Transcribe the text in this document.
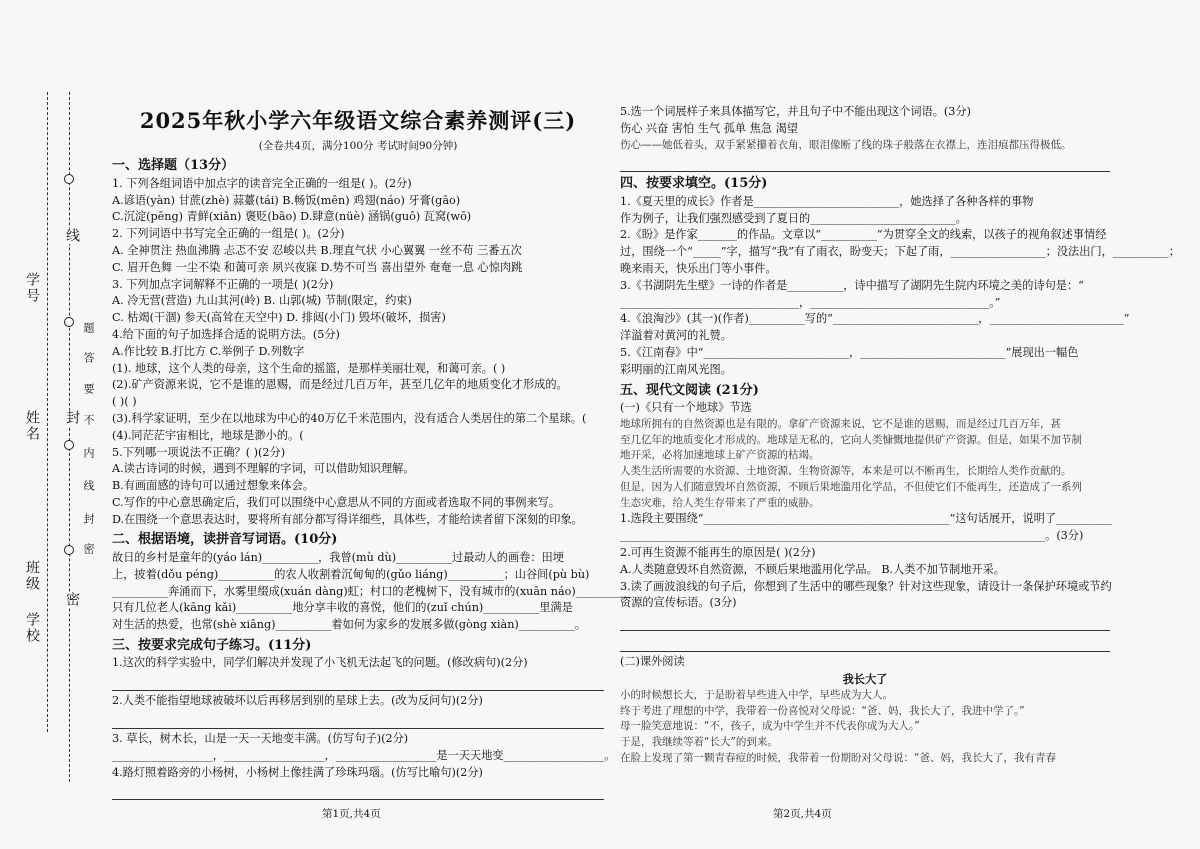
学号
姓名
班级
学校
线
封
密
题
答
要
不
内
线
封
密

2025年秋小学六年级语文综合素养测评(三)

(全卷共4页，满分100分 考试时间90分钟)

一、选择题（13分）

1. 下列各组词语中加点字的读音完全正确的一组是( )。(2分)

A.谚语(yàn) 甘蔗(zhè) 蒜薹(tái) B.畅饭(mēn) 鸡翅(náo) 牙膏(gāo)

C.沉淀(pēng) 青鲜(xiǎn) 褒贬(bāo) D.肆意(nüè) 涵锅(guō) 瓦窝(wō)

2. 下列词语中书写完全正确的一组是( )。(2分)

A. 全神贯注 热血沸腾 忐忑不安 忍峻以共 B.理直气状 小心翼翼 一丝不苟 三番五次

C. 眉开色舞 一尘不染 和蔼可亲 夙兴夜寐 D.势不可当 喜出望外 奄奄一息 心惊肉跳

3. 下列加点字词解释不正确的一项是( )(2分)

A. 冷无营(营造) 九山其河(岭) B. 山郭(城) 节制(限定，约束)

C. 枯竭(干涸) 参天(高耸在天空中) D. 排闼(小门) 毁坏(破坏，损害)

4.给下面的句子加选择合适的说明方法。(5分)

A.作比较 B.打比方 C.举例子 D.列数字

(1). 地球，这个人类的母亲，这个生命的摇篮，是那样美丽壮观，和蔼可亲。( )

(2).矿产资源来说，它不是谁的恩赐，而是经过几百万年，甚至几亿年的地质变化才形成的。

( )( )

(3).科学家证明，至少在以地球为中心的40万亿千米范围内，没有适合人类居住的第二个星球。(

(4).同茫茫宇宙相比，地球是渺小的。(

5.下列哪一项说法不正确？( )(2分)

A.读古诗词的时候，遇到不理解的字词，可以借助知识理解。

B.有画面感的诗句可以通过想象来体会。

C.写作的中心意思确定后，我们可以围绕中心意思从不同的方面或者选取不同的事例来写。

D.在围绕一个意思表达时，要将所有部分都写得详细些，具体些，才能给读者留下深刻的印象。

二、根据语境，读拼音写词语。(10分)

故日的乡村是童年的(yáo lán)__________，我曾(mù dù)__________过最动人的画卷：田埂

上，披着(dǒu péng)__________的农人收割着沉甸甸的(gǔo liáng)__________；山谷间(pù bù)

__________奔涌而下，水雾里缀成(xuán dàng)虹；村口的老槐树下，没有城市的(xuān náo)__________

只有几位老人(kāng kǎi)__________地分享丰收的喜悦，他们的(zuǐ chún)__________里满是

对生活的热爱，也常(shè xiāng)__________着如何为家乡的发展多做(gòng xiàn)__________。

三、按要求完成句子练习。(11分)

1.这次的科学实验中，同学们解决并发现了小飞机无法起飞的问题。(修改病句)(2分)

2.人类不能指望地球被破坏以后再移居到别的星球上去。(改为反问句)(2分)

3. 草长，树木长，山是一天一天地变丰满。(仿写句子)(2分)

__________________，__________________，__________________是一天天地变__________________。

4.路灯照着路旁的小杨树，小杨树上像挂满了珍珠玛瑙。(仿写比喻句)(2分)

5.选一个词展样子来具体描写它，并且句子中不能出现这个词语。(3分)

伤心 兴奋 害怕 生气 孤单 焦急 渴望

伤心——她低着头，双手紧紧攥着衣角，眼泪像断了线的珠子般落在衣襟上，连泪痕都压得极低。

四、按要求填空。(15分)

1.《夏天里的成长》作者是__________________________，她选择了各种各样的事物

作为例子，让我们强烈感受到了夏日的__________________________。

2.《盼》是作家_______的作品。文章以“__________”为贯穿全文的线索，以孩子的视角叙述事情经

过，围绕一个“_____”字，描写“我”有了雨衣，盼变天；下起了雨，_________________；没法出门，__________；

晚来雨天，快乐出门等小事件。

3.《书湖阴先生壁》一诗的作者是__________，诗中描写了湖阴先生院内环境之美的诗句是：“

________________________________，________________________________。”

4.《浪淘沙》(其一)(作者)__________写的“__________________________，________________________”

洋溢着对黄河的礼赞。

5.《江南春》中“__________________________，__________________________”展现出一幅色

彩明丽的江南风光图。

五、现代文阅读 (21分)

(一)《只有一个地球》节选

地球所拥有的自然资源也是有限的。拿矿产资源来说，它不是谁的恩赐，而是经过几百万年，甚

至几亿年的地质变化才形成的。地球是无私的，它向人类慷慨地提供矿产资源。但是，如果不加节制

地开采，必将加速地球上矿产资源的枯竭。

人类生活所需要的水资源、土地资源、生物资源等，本来是可以不断再生，长期给人类作贡献的。

但是，因为人们随意毁坏自然资源，不顾后果地滥用化学品，不但使它们不能再生，还造成了一系列

生态灾难，给人类生存带来了严重的威胁。

1.选段主要围绕“____________________________________________”这句话展开，说明了__________

____________________________________________________________________________。(3分)

2.可再生资源不能再生的原因是( )(2分)

A.人类随意毁坏自然资源，不顾后果地滥用化学品。 B.人类不加节制地开采。

3.读了画波浪线的句子后，你想到了生活中的哪些现象？针对这些现象，请设计一条保护环境或节约

资源的宣传标语。(3分)

(二)课外阅读

我长大了

小的时候想长大，于是盼着早些进入中学，早些成为大人。

终于考进了理想的中学，我带着一份喜悦对父母说：“爸、妈，我长大了，我进中学了。”

母一脸笑意地说：“不，孩子，成为中学生并不代表你成为大人。”

于是，我继续等着“长大”的到来。

在脸上发现了第一颗青春痘的时候，我带着一份期盼对父母说：“爸、妈，我长大了，我有青春

第1页,共4页	第2页,共4页
